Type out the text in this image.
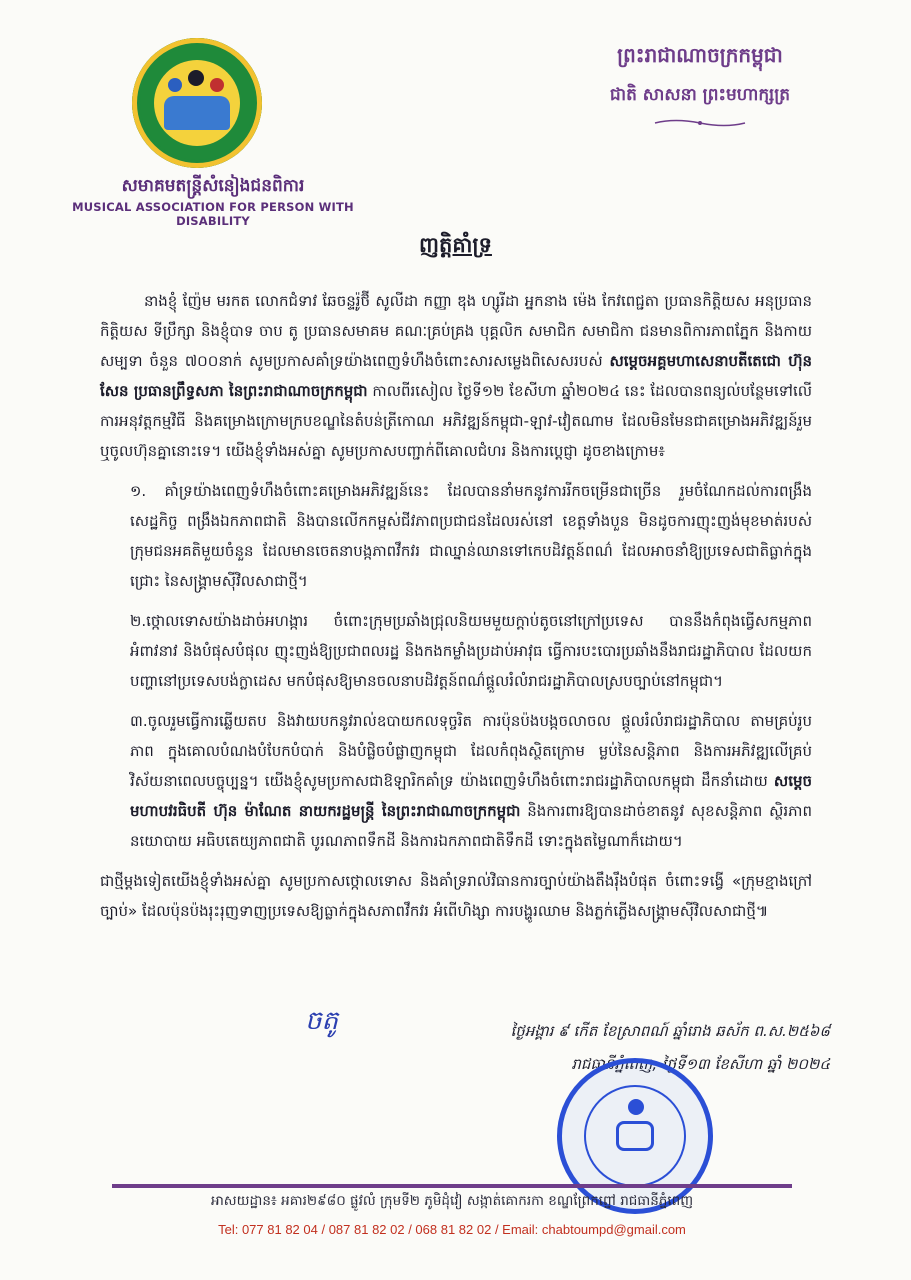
សមាគមតន្ត្រីសំនៀងជនពិការ
MUSICAL ASSOCIATION FOR PERSON WITH DISABILITY
ព្រះរាជាណាចក្រកម្ពុជា
ជាតិ សាសនា ព្រះមហាក្សត្រ
ញត្តិគាំទ្រ

នាងខ្ញុំ ញ៉ែម មរកត លោកជំទាវ ឆែចន្ទរ៉ូថ៊ី សូលីដា កញ្ញា ឌុង ហ្សូរីដា អ្នកនាង ម៉េង កែវពេជ្ជតា ប្រធានកិត្តិយស អនុប្រធានកិត្តិយស ទីប្រឹក្សា និងខ្ញុំបាទ ចាប តូ ប្រធានសមាគម គណៈគ្រប់គ្រង បុគ្គលិក សមាជិក សមាជិកា ជនមានពិការភាពភ្នែក និងកាយសម្បទា ចំនួន ៧០០នាក់ សូមប្រកាសគាំទ្រយ៉ាងពេញទំហឹងចំពោះសារសម្លេងពិសេសរបស់ សម្តេចអគ្គមហាសេនាបតីតេជោ ហ៊ុន សែន ប្រធានព្រឹទ្ធសភា នៃព្រះរាជាណាចក្រកម្ពុជា កាលពីរសៀល ថ្ងៃទី១២ ខែសីហា ឆ្នាំ២០២៤ នេះ ដែលបានពន្យល់បន្ថែមទៅលើការអនុវត្តកម្មវិធី និងគម្រោងក្រោមក្របខណ្ឌនៃតំបន់ត្រីកោណ អភិវឌ្ឍន៍កម្ពុជា-ឡាវ-វៀតណាម ដែលមិនមែនជាគម្រោងអភិវឌ្ឍន៍រួម ឬចូលហ៊ុនគ្នានោះទេ។ យើងខ្ញុំទាំងអស់គ្នា សូមប្រកាសបញ្ជាក់ពីគោលជំហរ និងការប្តេជ្ញា ដូចខាងក្រោម៖

១. គាំទ្រយ៉ាងពេញទំហឹងចំពោះគម្រោងអភិវឌ្ឍន៍នេះ ដែលបាននាំមកនូវការរីកចម្រើនជាច្រើន រួមចំណែកដល់ការពង្រឹងសេដ្ឋកិច្ច ពង្រឹងឯកភាពជាតិ និងបានលើកកម្ពស់ជីវភាពប្រជាជនដែលរស់នៅ ខេត្តទាំងបួន មិនដូចការញុះញង់មុខមាត់របស់ក្រុមជនអគតិមួយចំនួន ដែលមានចេតនាបង្កភាពវឹកវរ ជាឈ្នាន់ឈានទៅកេបដិវត្តន៍ពណ៌ ដែលអាចនាំឱ្យប្រទេសជាតិធ្លាក់ក្នុងជ្រោះ នៃសង្គ្រាមស៊ីវិលសាជាថ្មី។

២.ថ្កោលទោសយ៉ាងដាច់អហង្ការ ចំពោះក្រុមប្រឆាំងជ្រុលនិយមមួយក្តាប់តូចនៅក្រៅប្រទេស បាននឹងកំពុងធ្វើសកម្មភាពអំពាវនាវ និងបំផុសបំផុល ញុះញង់ឱ្យប្រជាពលរដ្ឋ និងកងកម្លាំងប្រដាប់អាវុធ ធ្វើការបះបោរប្រឆាំងនឹងរាជរដ្ឋាភិបាល ដែលយកបញ្ហានៅប្រទេសបង់ក្លាដេស មកបំផុសឱ្យមានចលនាបដិវត្តន៍ពណ៌ផ្តួលរំលំរាជរដ្ឋាភិបាលស្របច្បាប់នៅកម្ពុជា។

៣.ចូលរួមធ្វើការឆ្លើយតប និងវាយបកនូវរាល់ឧបាយកលទុច្ចរិត ការប៉ុនប៉ងបង្កចលាចល ផ្តួលរំលំរាជរដ្ឋាភិបាល តាមគ្រប់រូបភាព ក្នុងគោលបំណងបំបែកបំបាក់ និងបំផ្លិចបំផ្លាញកម្ពុជា ដែលកំពុងស្ថិតក្រោម ម្លប់នៃសន្តិភាព និងការអភិវឌ្ឍលើគ្រប់វិស័យនាពេលបច្ចុប្បន្ន។ យើងខ្ញុំសូមប្រកាសជាឱឡារិកគាំទ្រ យ៉ាងពេញទំហឹងចំពោះរាជរដ្ឋាភិបាលកម្ពុជា ដឹកនាំដោយ សម្តេចមហាបវរធិបតី ហ៊ុន ម៉ាណែត នាយករដ្ឋមន្ត្រី នៃព្រះរាជាណាចក្រកម្ពុជា និងការពារឱ្យបានដាច់ខាតនូវ សុខសន្តិភាព ស្ថិរភាពនយោបាយ អធិបតេយ្យភាពជាតិ បូរណភាពទឹកដី និងការឯកភាពជាតិទឹកដី ទោះក្នុងតម្លៃណាក៏ដោយ។

ជាថ្មីម្តងទៀតយើងខ្ញុំទាំងអស់គ្នា សូមប្រកាសថ្កោលទោស និងគាំទ្ររាល់វិធានការច្បាប់យ៉ាងតឹងរ៉ឹងបំផុត ចំពោះទង្វើ «ក្រុមខ្មាងក្រៅច្បាប់» ដែលប៉ុនប៉ងរុះរុញទាញប្រទេសឱ្យធ្លាក់ក្នុងសភាពវឹកវរ អំពើហិង្សា ការបង្ហូរឈាម និងភ្លក់ភ្លើងសង្គ្រាមស៊ីវិលសាជាថ្មី៕

ចតូ	ថ្ងៃអង្គារ ៩ កើត ខែស្រាពណ៍ ឆ្នាំរោង ឆស័ក ព.ស.២៥៦៨
រាជធានីភ្នំពេញ, ថ្ងៃទី១៣ ខែសីហា ឆ្នាំ ២០២៤
អាសយដ្ឋាន៖ អគារ២៩៨០ ផ្លូវលំ ក្រុមទី២ ភូមិដុំវៀ សង្កាត់គោករកា ខណ្ឌព្រែកព្នៅ រាជធានីភ្នំពេញ
Tel: 077 81 82 04 / 087 81 82 02 / 068 81 82 02 / Email: chabtoumpd@gmail.com
